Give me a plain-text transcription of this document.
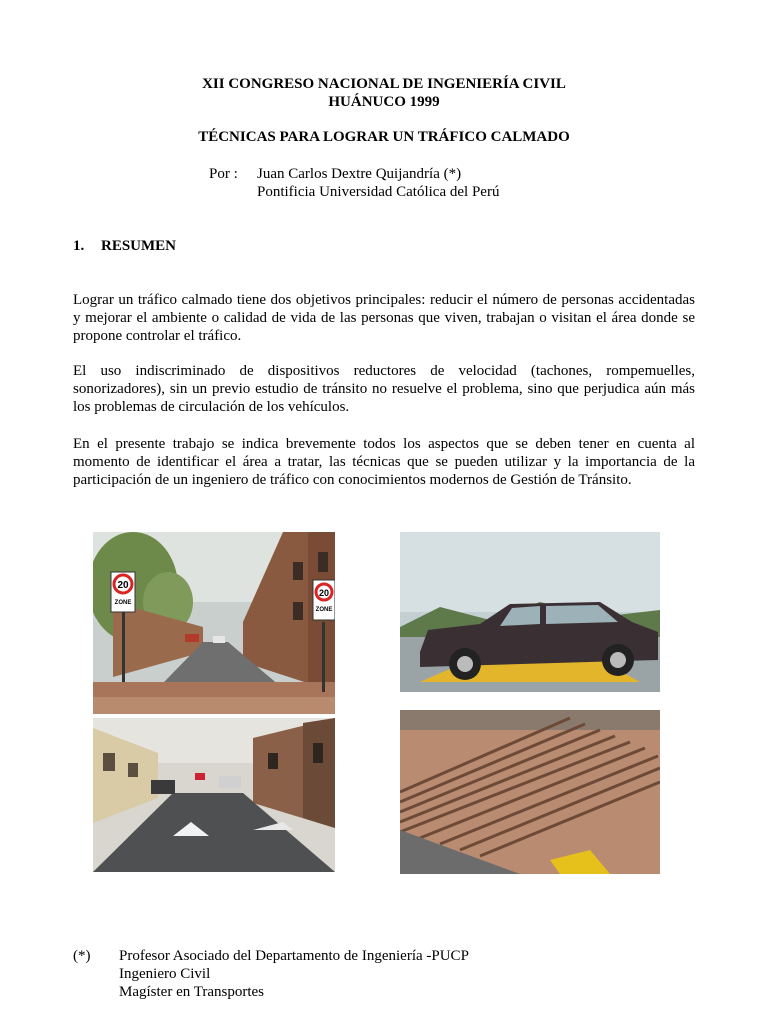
XII CONGRESO NACIONAL DE INGENIERÍA CIVIL
HUÁNUCO 1999
TÉCNICAS PARA LOGRAR UN TRÁFICO CALMADO
Por : Juan Carlos Dextre Quijandría (*)
Pontificia Universidad Católica del Perú
1. RESUMEN
Lograr un tráfico calmado tiene dos objetivos principales: reducir el número de personas accidentadas y mejorar el ambiente o calidad de vida de las personas que viven, trabajan o visitan el área donde se propone controlar el tráfico.
El uso indiscriminado de dispositivos reductores de velocidad (tachones, rompemuelles, sonorizadores), sin un previo estudio de tránsito no resuelve el problema, sino que perjudica aún más los problemas de circulación de los vehículos.
En el presente trabajo se indica brevemente todos los aspectos que se deben tener en cuenta al momento de identificar el área a tratar, las técnicas que se pueden utilizar y la importancia de la participación de un ingeniero de tráfico con conocimientos modernos de Gestión de Tránsito.
20
ZONE
20
ZONE
(*) Profesor Asociado del Departamento de Ingeniería -PUCP
Ingeniero Civil
Magíster en Transportes
